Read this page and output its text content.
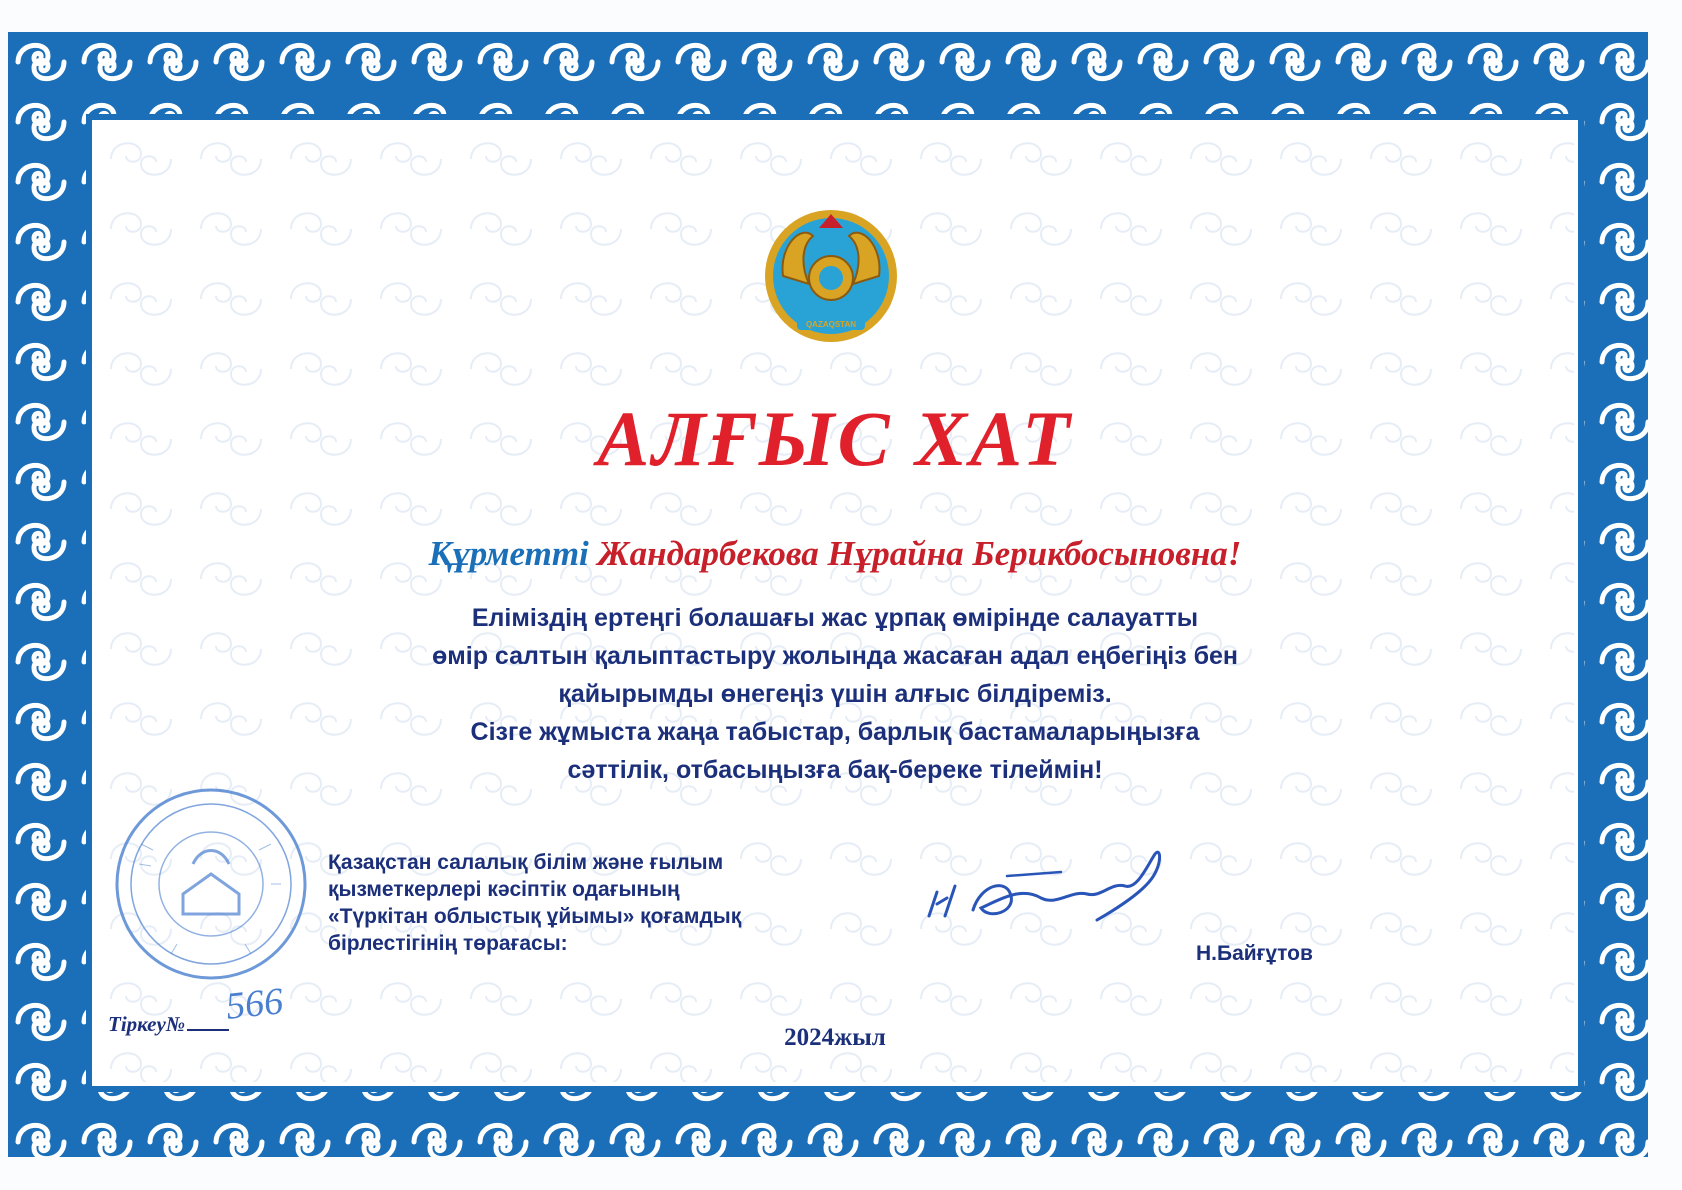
QAZAQSTAN
АЛҒЫС ХАТ
Құрметті Жандарбекова Нұрайна Берикбосыновна!
Еліміздің ертеңгі болашағы жас ұрпақ өмірінде салауатты
өмір салтын қалыптастыру жолында жасаған адал еңбегіңіз бен
қайырымды өнегеңіз үшін алғыс білдіреміз.
Сізге жұмыста жаңа табыстар, барлық бастамаларыңызға
сәттілік, отбасыңызға бақ-береке тілеймін!
Қазақстан салалық білім және ғылым
қызметкерлері кәсіптік одағының
«Түркітан облыстық ұйымы» қоғамдық
бірлестігінің төрағасы:	Н.Байғұтов
Тіркеу№	566
2024жыл
